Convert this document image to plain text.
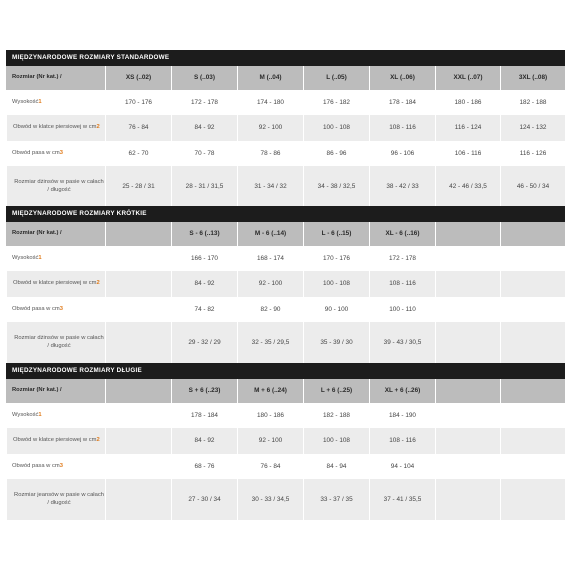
MIĘDZYNARODOWE ROZMIARY STANDARDOWE
Rozmiar (Nr kat.) /	XS (..02)	S (..03)	M (..04)	L (..05)	XL (..06)	XXL (..07)	3XL (..08)
Wysokość 1	170 - 176	172 - 178	174 - 180	176 - 182	178 - 184	180 - 186	182 - 188
Obwód w klatce piersiowej w cm 2	76 - 84	84 - 92	92 - 100	100 - 108	108 - 116	116 - 124	124 - 132
Obwód pasa w cm 3	62 - 70	70 - 78	78 - 86	86 - 96	96 - 106	106 - 116	116 - 126
Rozmiar dżinsów w pasie w całach / długość	25 - 28 / 31	28 - 31 / 31,5	31 - 34 / 32	34 - 38 / 32,5	38 - 42 / 33	42 - 46 / 33,5	46 - 50 / 34
MIĘDZYNARODOWE ROZMIARY KRÓTKIE
Rozmiar (Nr kat.) /	S - 6 (..13)	M - 6 (..14)	L - 6 (..15)	XL - 6 (..16)
Wysokość 1	166 - 170	168 - 174	170 - 176	172 - 178
Obwód w klatce piersiowej w cm 2	84 - 92	92 - 100	100 - 108	108 - 116
Obwód pasa w cm 3	74 - 82	82 - 90	90 - 100	100 - 110
Rozmiar dżinsów w pasie w całach / długość	29 - 32 / 29	32 - 35 / 29,5	35 - 39 / 30	39 - 43 / 30,5
MIĘDZYNARODOWE ROZMIARY DŁUGIE
Rozmiar (Nr kat.) /	S + 6 (..23)	M + 6 (..24)	L + 6 (..25)	XL + 6 (..26)
Wysokość 1	178 - 184	180 - 186	182 - 188	184 - 190
Obwód w klatce piersiowej w cm 2	84 - 92	92 - 100	100 - 108	108 - 116
Obwód pasa w cm 3	68 - 76	76 - 84	84 - 94	94 - 104
Rozmiar jeansów w pasie w całach / długość	27 - 30 / 34	30 - 33 / 34,5	33 - 37 / 35	37 - 41 / 35,5
